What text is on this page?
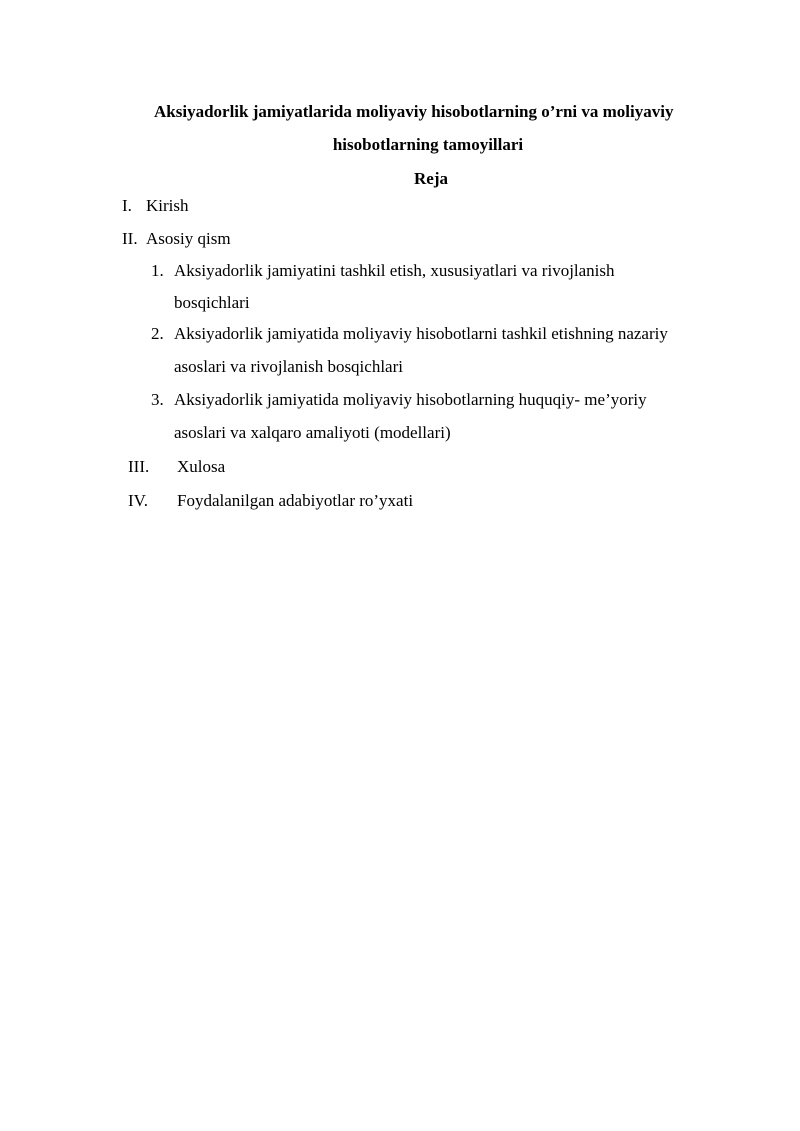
Aksiyadorlik jamiyatlarida moliyaviy hisobotlarning o’rni va moliyaviy
hisobotlarning tamoyillari
Reja
I. Kirish
II. Asosiy qism
1. Aksiyadorlik jamiyatini tashkil etish, xususiyatlari va rivojlanish
bosqichlari
2. Aksiyadorlik jamiyatida moliyaviy hisobotlarni tashkil etishning nazariy
asoslari va rivojlanish bosqichlari
3. Aksiyadorlik jamiyatida moliyaviy hisobotlarning huquqiy- me’yoriy
asoslari va xalqaro amaliyoti (modellari)
III. Xulosa
IV. Foydalanilgan adabiyotlar ro’yxati
